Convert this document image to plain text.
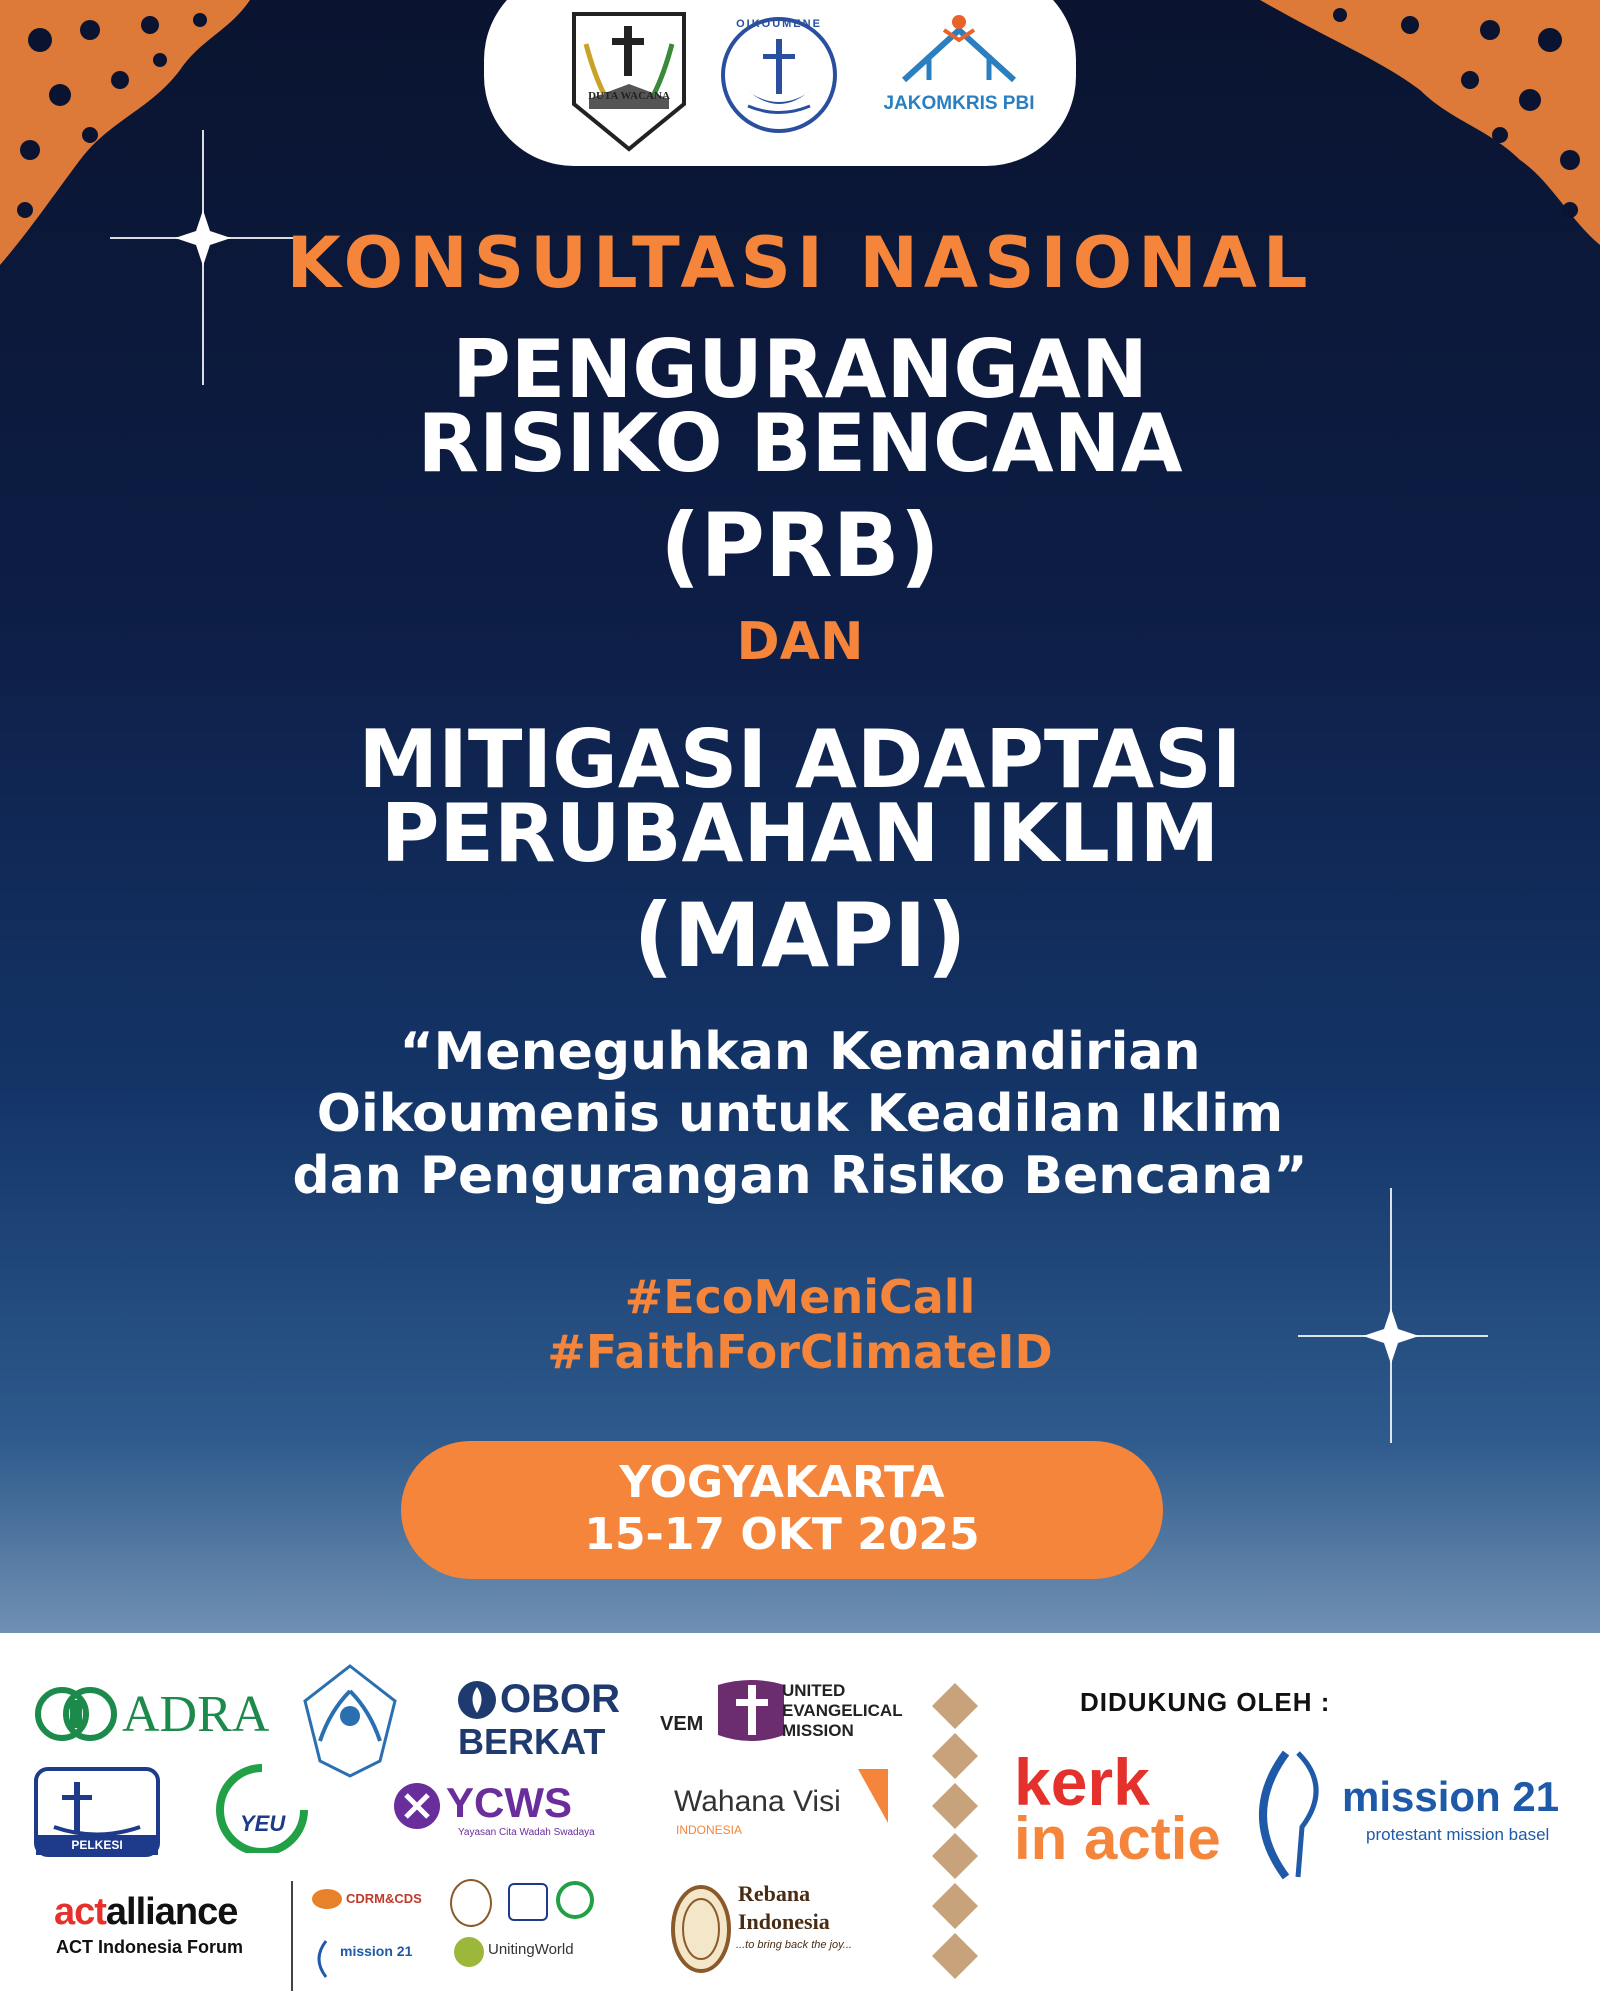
DUTA WACANA
OIKOUMENE
JAKOMKRIS PBI
KONSULTASI NASIONAL
PENGURANGAN
RISIKO BENCANA
(PRB)
DAN
MITIGASI ADAPTASI
PERUBAHAN IKLIM
(MAPI)
“Meneguhkan Kemandirian
Oikoumenis untuk Keadilan Iklim
dan Pengurangan Risiko Bencana”
#EcoMeniCall
#FaithForClimateID
YOGYAKARTA
15-17 OKT 2025
ADRA	OBOR
BERKAT	VEM
UNITED
EVANGELICAL
MISSION
DIDUKUNG OLEH :
PELKESI
YEU	YCWS
Yayasan Cita Wadah Swadaya
Wahana Visi
INDONESIA
actalliance
ACT Indonesia Forum
CDRM&CDS
mission 21	UnitingWorld
Rebana
Indonesia
...to bring back the joy...
kerk
in actie
mission 21
protestant mission basel
